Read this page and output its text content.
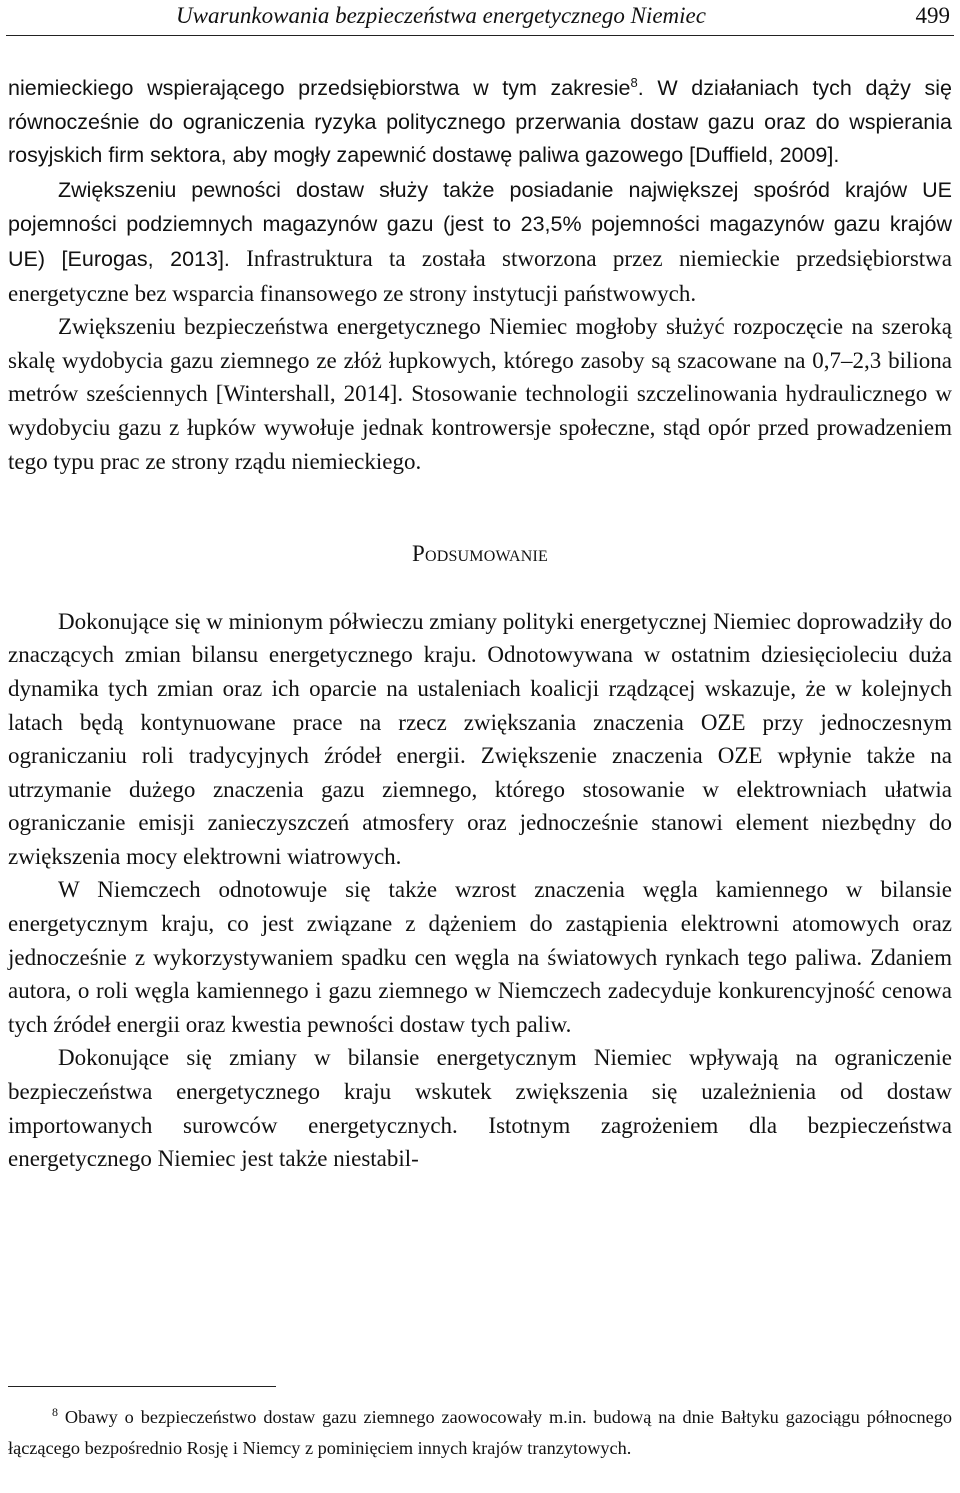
Uwarunkowania bezpieczeństwa energetycznego Niemiec	499

niemieckiego wspierającego przedsiębiorstwa w tym zakresie$^8$. W działaniach tych dąży się równocześnie do ograniczenia ryzyka politycznego przerwania dostaw gazu oraz do wspierania rosyjskich firm sektora, aby mogły zapewnić dostawę paliwa gazowego [Duffield, 2009].

Zwiększeniu pewności dostaw służy także posiadanie największej spośród krajów UE pojemności podziemnych magazynów gazu (jest to 23,5% pojemności magazynów gazu krajów UE) [Eurogas, 2013]. Infrastruktura ta została stworzona przez niemieckie przedsiębiorstwa energetyczne bez wsparcia finansowego ze strony instytucji państwowych.

Zwiększeniu bezpieczeństwa energetycznego Niemiec mogłoby służyć rozpoczęcie na szeroką skalę wydobycia gazu ziemnego ze złóż łupkowych, którego zasoby są szacowane na 0,7–2,3 biliona metrów sześciennych [Wintershall, 2014]. Stosowanie technologii szczelinowania hydraulicznego w wydobyciu gazu z łupków wywołuje jednak kontrowersje społeczne, stąd opór przed prowadzeniem tego typu prac ze strony rządu niemieckiego.

Podsumowanie

Dokonujące się w minionym półwieczu zmiany polityki energetycznej Niemiec doprowadziły do znaczących zmian bilansu energetycznego kraju. Odnotowywana w ostatnim dziesięcioleciu duża dynamika tych zmian oraz ich oparcie na ustaleniach koalicji rządzącej wskazuje, że w kolejnych latach będą kontynuowane prace na rzecz zwiększania znaczenia OZE przy jednoczesnym ograniczaniu roli tradycyjnych źródeł energii. Zwiększenie znaczenia OZE wpłynie także na utrzymanie dużego znaczenia gazu ziemnego, którego stosowanie w elektrowniach ułatwia ograniczanie emisji zanieczyszczeń atmosfery oraz jednocześnie stanowi element niezbędny do zwiększenia mocy elektrowni wiatrowych.

W Niemczech odnotowuje się także wzrost znaczenia węgla kamiennego w bilansie energetycznym kraju, co jest związane z dążeniem do zastąpienia elektrowni atomowych oraz jednocześnie z wykorzystywaniem spadku cen węgla na światowych rynkach tego paliwa. Zdaniem autora, o roli węgla kamiennego i gazu ziemnego w Niemczech zadecyduje konkurencyjność cenowa tych źródeł energii oraz kwestia pewności dostaw tych paliw.

Dokonujące się zmiany w bilansie energetycznym Niemiec wpływają na ograniczenie bezpieczeństwa energetycznego kraju wskutek zwiększenia się uzależnienia od dostaw importowanych surowców energetycznych. Istotnym zagrożeniem dla bezpieczeństwa energetycznego Niemiec jest także niestabil-

$^8$ Obawy o bezpieczeństwo dostaw gazu ziemnego zaowocowały m.in. budową na dnie Bałtyku gazociągu północnego łączącego bezpośrednio Rosję i Niemcy z pominięciem innych krajów tranzytowych.
